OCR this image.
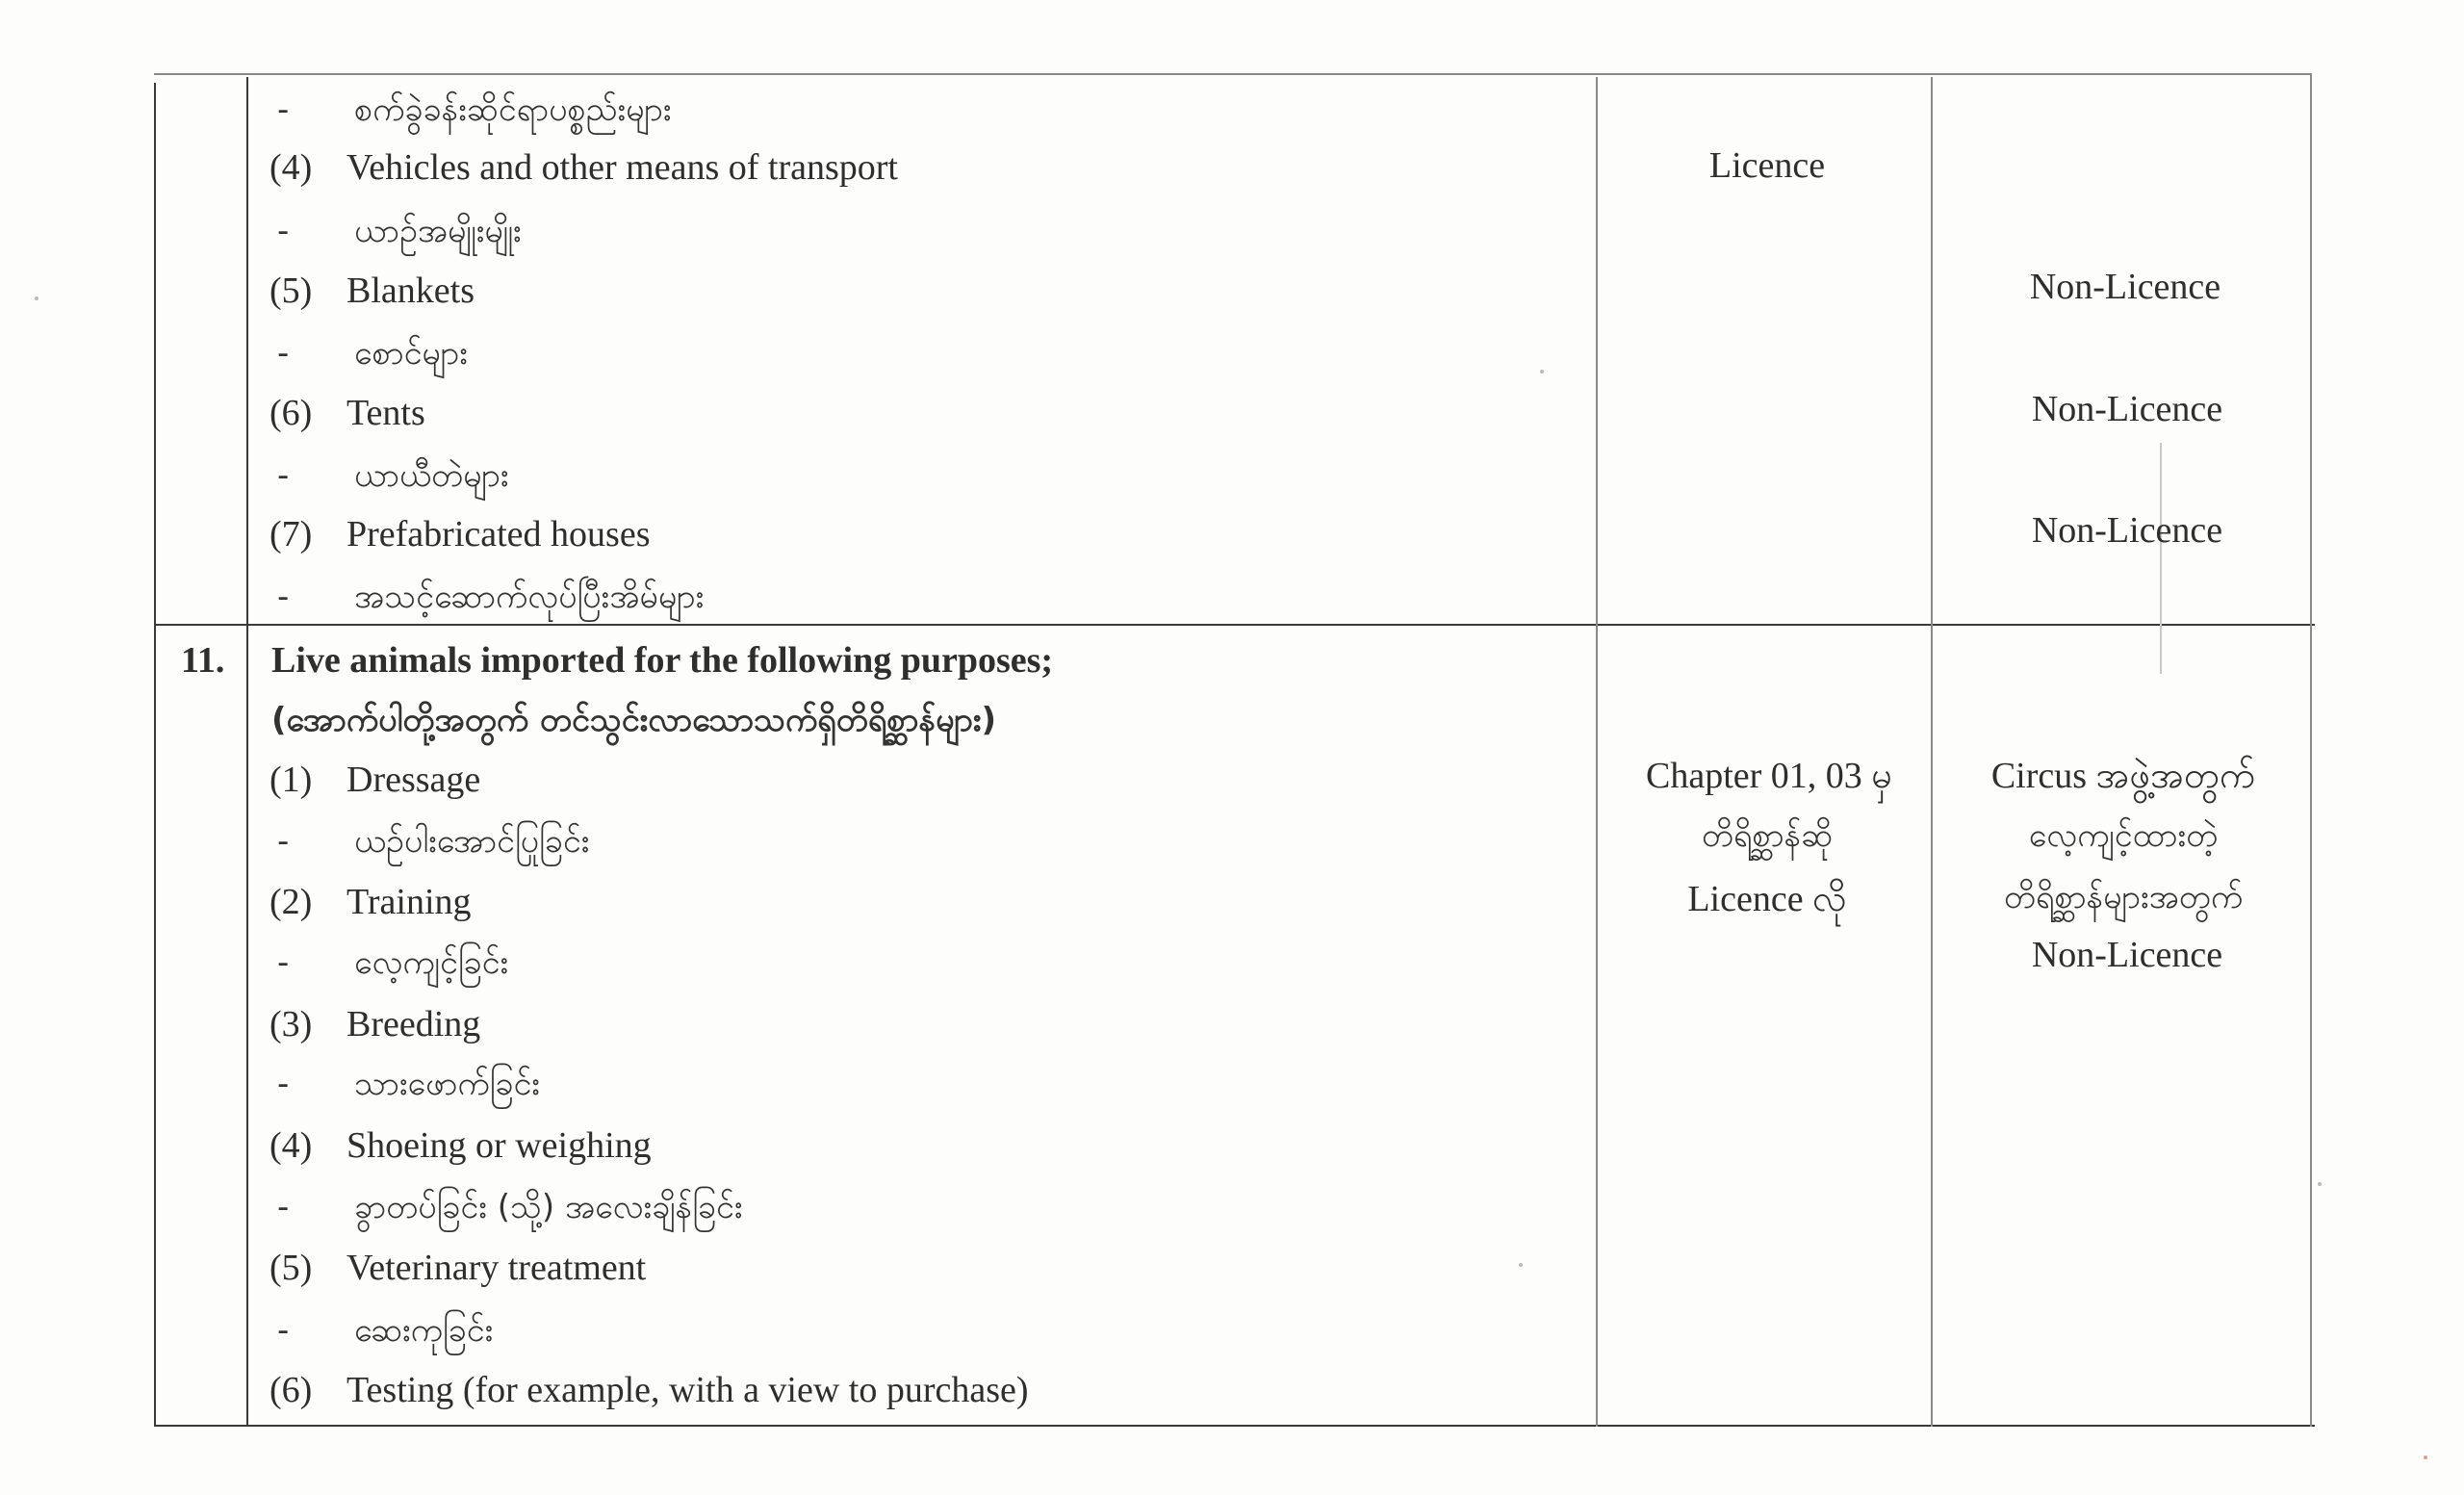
- စက်ခွဲခန်းဆိုင်ရာပစ္စည်းများ
(4) Vehicles and other means of transport
- ယာဉ်အမျိုးမျိုး
(5) Blankets
- စောင်များ
(6) Tents
- ယာယီတဲများ
(7) Prefabricated houses
- အသင့်ဆောက်လုပ်ပြီးအိမ်များ
Licence
Non-Licence
Non-Licence
Non-Licence
11. Live animals imported for the following purposes;
(အောက်ပါတို့အတွက် တင်သွင်းလာသောသက်ရှိတိရိစ္ဆာန်များ)
(1) Dressage
- ယဉ်ပါးအောင်ပြုခြင်း
(2) Training
- လေ့ကျင့်ခြင်း
(3) Breeding
- သားဖောက်ခြင်း
(4) Shoeing or weighing
- ခွာတပ်ခြင်း (သို့) အလေးချိန်ခြင်း
(5) Veterinary treatment
- ဆေးကုခြင်း
(6) Testing (for example, with a view to purchase)
Chapter 01, 03 မှ
တိရိစ္ဆာန်ဆို
Licence လို
Circus အဖွဲ့အတွက်
လေ့ကျင့်ထားတဲ့
တိရိစ္ဆာန်များအတွက်
Non-Licence
